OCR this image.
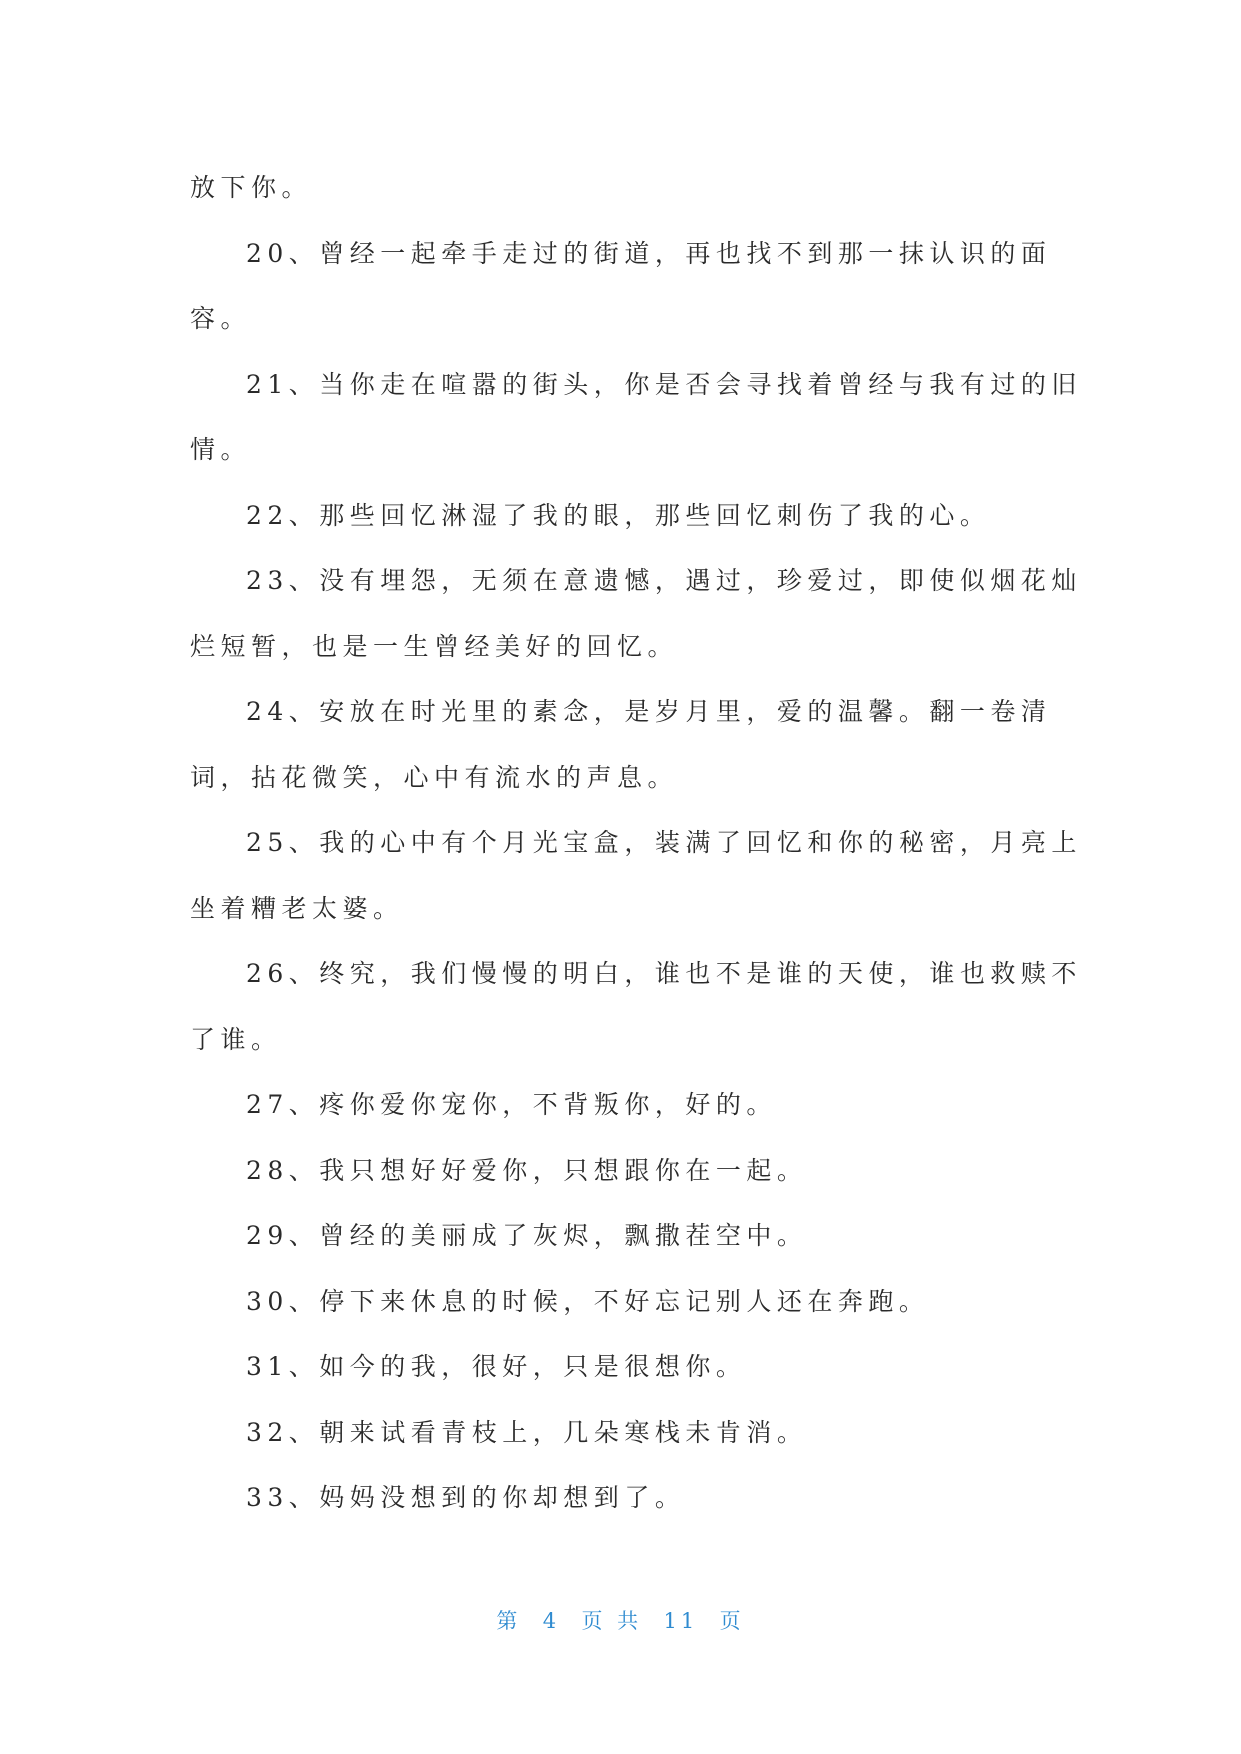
放下你。
20、曾经一起牵手走过的街道，再也找不到那一抹认识的面
容。
21、当你走在喧嚣的街头，你是否会寻找着曾经与我有过的旧
情。
22、那些回忆淋湿了我的眼，那些回忆刺伤了我的心。
23、没有埋怨，无须在意遗憾，遇过，珍爱过，即使似烟花灿
烂短暂，也是一生曾经美好的回忆。
24、安放在时光里的素念，是岁月里，爱的温馨。翻一卷清
词，拈花微笑，心中有流水的声息。
25、我的心中有个月光宝盒，装满了回忆和你的秘密，月亮上
坐着糟老太婆。
26、终究，我们慢慢的明白，谁也不是谁的天使，谁也救赎不
了谁。
27、疼你爱你宠你，不背叛你，好的。
28、我只想好好爱你，只想跟你在一起。
29、曾经的美丽成了灰烬，飘撒茬空中。
30、停下来休息的时候，不好忘记别人还在奔跑。
31、如今的我，很好，只是很想你。
32、朝来试看青枝上，几朵寒栈未肯消。
33、妈妈没想到的你却想到了。
第  4  页 共  11  页
